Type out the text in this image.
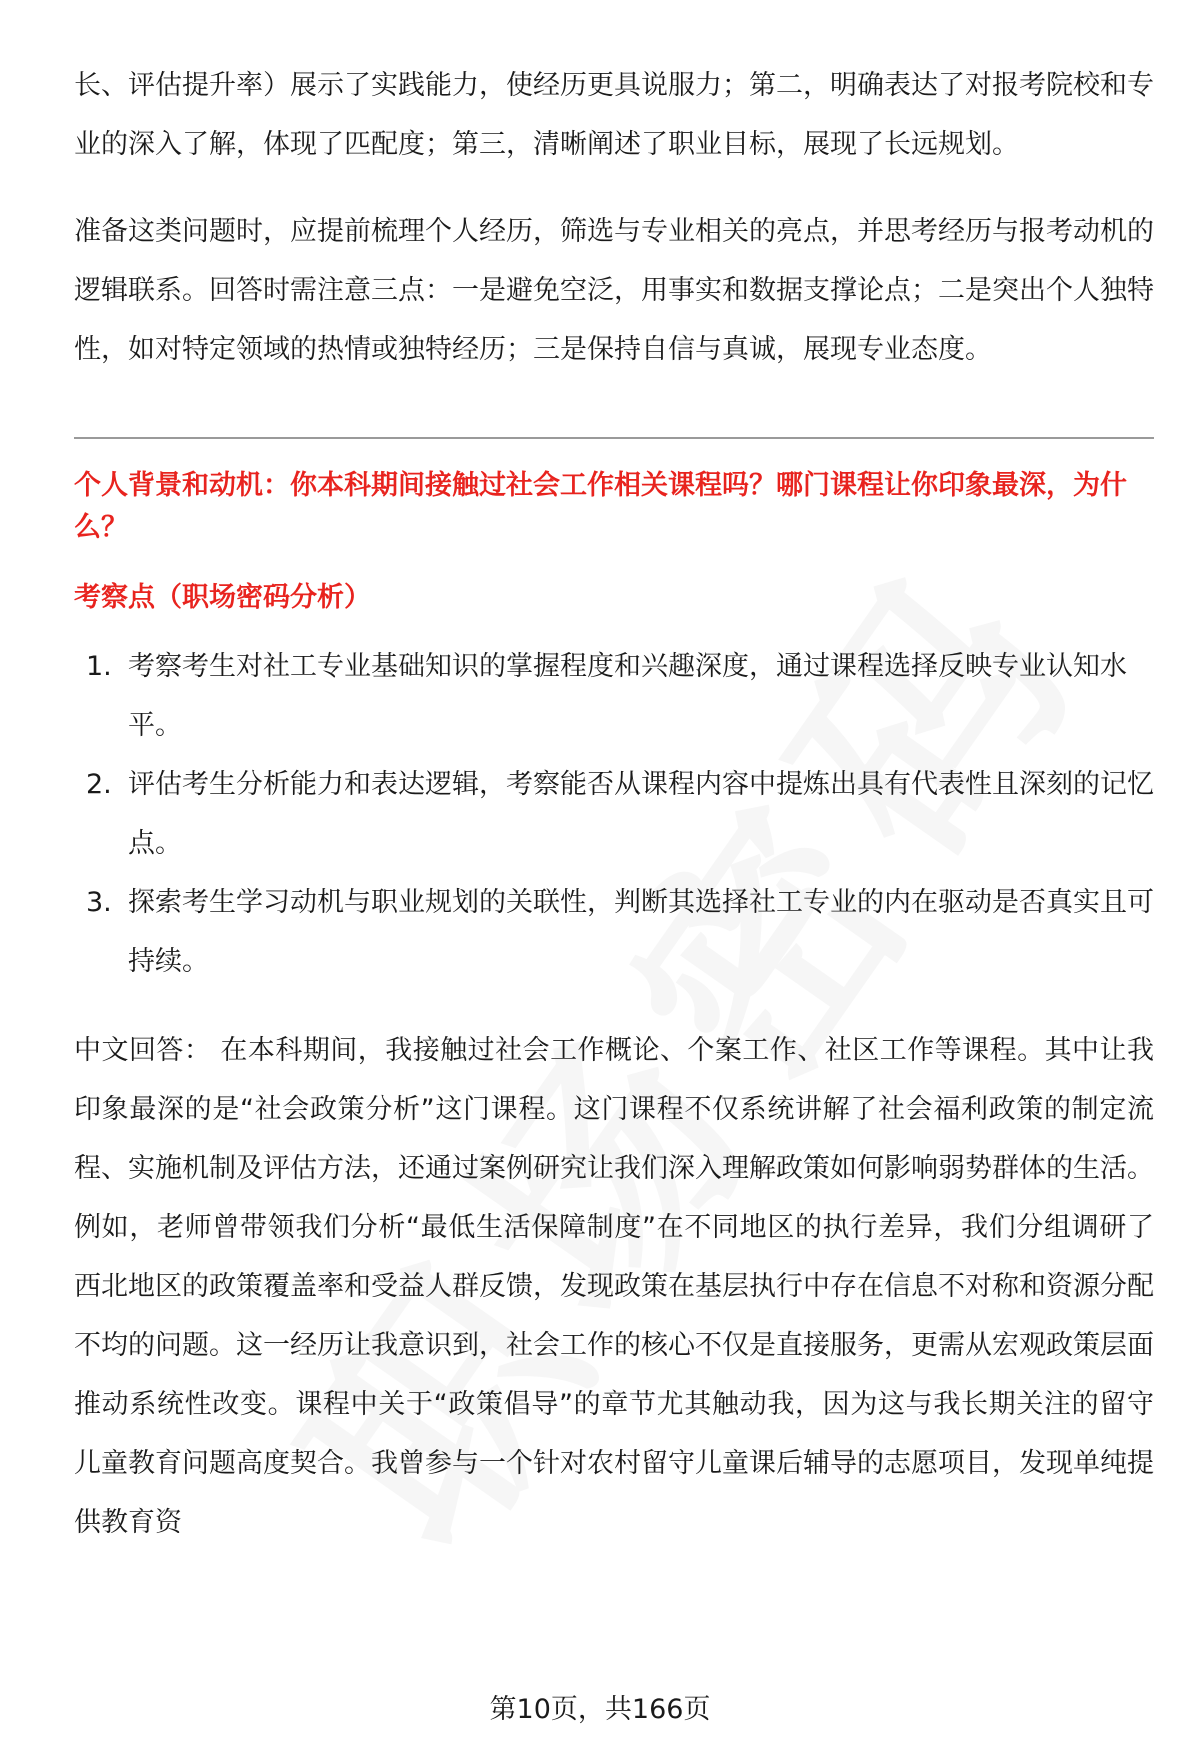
长、评估提升率）展示了实践能力，使经历更具说服力；第二，明确表达了对报考院校和专业的深入了解，体现了匹配度；第三，清晰阐述了职业目标，展现了长远规划。

准备这类问题时，应提前梳理个人经历，筛选与专业相关的亮点，并思考经历与报考动机的逻辑联系。回答时需注意三点：一是避免空泛，用事实和数据支撑论点；二是突出个人独特性，如对特定领域的热情或独特经历；三是保持自信与真诚，展现专业态度。

个人背景和动机：你本科期间接触过社会工作相关课程吗？哪门课程让你印象最深，为什么？

考察点（职场密码分析）

1. 考察考生对社工专业基础知识的掌握程度和兴趣深度，通过课程选择反映专业认知水平。
2. 评估考生分析能力和表达逻辑，考察能否从课程内容中提炼出具有代表性且深刻的记忆点。
3. 探索考生学习动机与职业规划的关联性，判断其选择社工专业的内在驱动是否真实且可持续。

中文回答： 在本科期间，我接触过社会工作概论、个案工作、社区工作等课程。其中让我印象最深的是“社会政策分析”这门课程。这门课程不仅系统讲解了社会福利政策的制定流程、实施机制及评估方法，还通过案例研究让我们深入理解政策如何影响弱势群体的生活。例如，老师曾带领我们分析“最低生活保障制度”在不同地区的执行差异，我们分组调研了西北地区的政策覆盖率和受益人群反馈，发现政策在基层执行中存在信息不对称和资源分配不均的问题。这一经历让我意识到，社会工作的核心不仅是直接服务，更需从宏观政策层面推动系统性改变。课程中关于“政策倡导”的章节尤其触动我，因为这与我长期关注的留守儿童教育问题高度契合。我曾参与一个针对农村留守儿童课后辅导的志愿项目，发现单纯提供教育资

第10页，共166页
